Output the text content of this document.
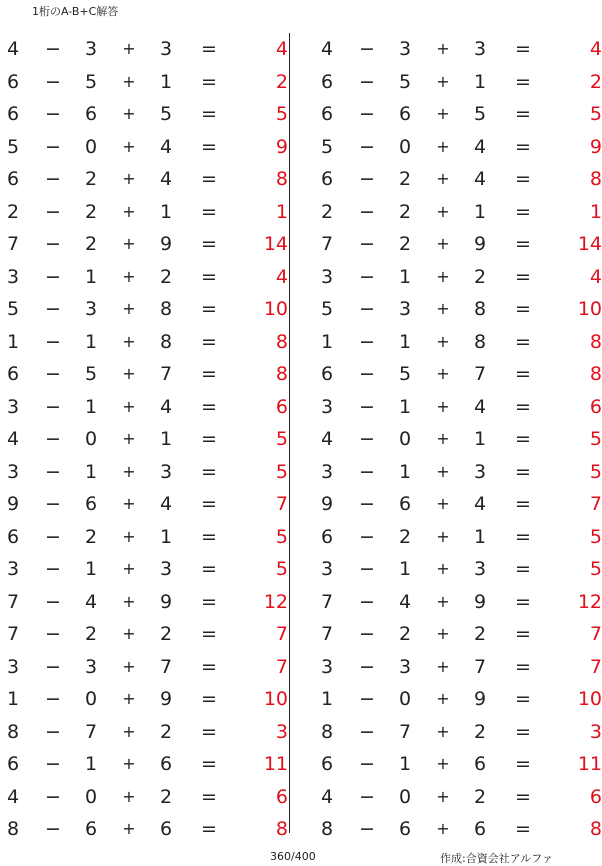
1桁のA-B+C解答
4 − 3	+ 3 =	4
6 − 5	+ 1 =	2
6 − 6	+ 5 =	5
5 − 0	+ 4 =	9
6 − 2	+ 4 =	8
2 − 2	+ 1 =	1
7 − 2	+ 9 =	14
3 − 1	+ 2 =	4
5 − 3	+ 8 =	10
1 − 1	+ 8 =	8
6 − 5	+ 7 =	8
3 − 1	+ 4 =	6
4 − 0	+ 1 =	5
3 − 1	+ 3 =	5
9 − 6	+ 4 =	7
6 − 2	+ 1 =	5
3 − 1	+ 3 =	5
7 − 4	+ 9 =	12
7 − 2	+ 2 =	7
3 − 3	+ 7 =	7
1 − 0	+ 9 =	10
8 − 7	+ 2 =	3
6 − 1	+ 6 =	11
4 − 0	+ 2 =	6
8 − 6	+ 6 =	8
4 − 3	+ 3 =	4
6 − 5	+ 1 =	2
6 − 6	+ 5 =	5
5 − 0	+ 4 =	9
6 − 2	+ 4 =	8
2 − 2	+ 1 =	1
7 − 2	+ 9 =	14
3 − 1	+ 2 =	4
5 − 3	+ 8 =	10
1 − 1	+ 8 =	8
6 − 5	+ 7 =	8
3 − 1	+ 4 =	6
4 − 0	+ 1 =	5
3 − 1	+ 3 =	5
9 − 6	+ 4 =	7
6 − 2	+ 1 =	5
3 − 1	+ 3 =	5
7 − 4	+ 9 =	12
7 − 2	+ 2 =	7
3 − 3	+ 7 =	7
1 − 0	+ 9 =	10
8 − 7	+ 2 =	3
6 − 1	+ 6 =	11
4 − 0	+ 2 =	6
8 − 6	+ 6 =	8
360/400	作成:合資会社アルファ
